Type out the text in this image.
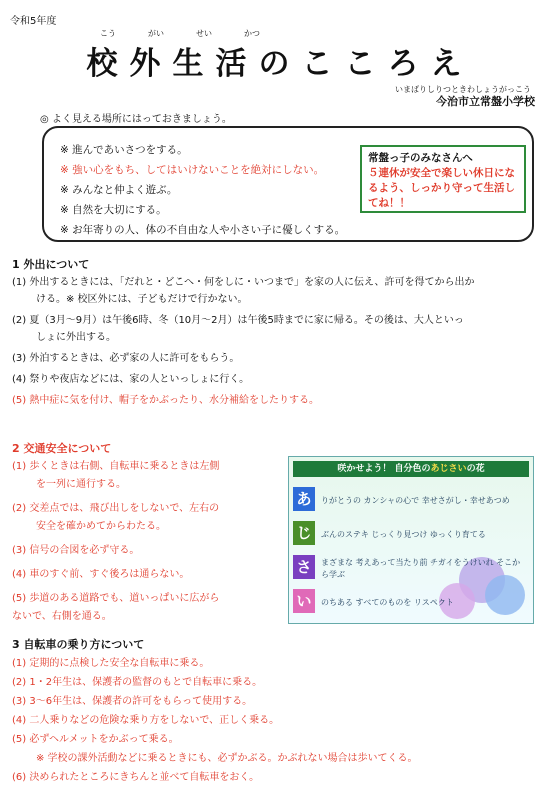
令和5年度
こう　　　　がい　　　　せい　　　　かつ
校外生活のこころえ
いまばりしりつときわしょうがっこう
今治市立常盤小学校
◎ よく見える場所にはっておきましょう。
※ 進んであいさつをする。
※ 強い心をもち、してはいけないことを絶対にしない。
※ みんなと仲よく遊ぶ。
※ 自然を大切にする。
※ お年寄りの人、体の不自由な人や小さい子に優しくする。
常盤っ子のみなさんへ
５連休が安全で楽しい休日になるよう、しっかり守って生活してね！！
1 外出について
(1) 外出するときには、「だれと・どこへ・何をしに・いつまで」を家の人に伝え、許可を得てから出か
ける。※ 校区外には、子どもだけで行かない。
(2) 夏（3月〜9月）は午後6時、冬（10月〜2月）は午後5時までに家に帰る。その後は、大人といっ
しょに外出する。
(3) 外泊するときは、必ず家の人に許可をもらう。
(4) 祭りや夜店などには、家の人といっしょに行く。
(5) 熱中症に気を付け、帽子をかぶったり、水分補給をしたりする。
2 交通安全について
(1) 歩くときは右側、自転車に乗るときは左側
を一列に通行する。
(2) 交差点では、飛び出しをしないで、左右の
安全を確かめてからわたる。
(3) 信号の合図を必ず守る。
(4) 車のすぐ前、すぐ後ろは通らない。
(5) 歩道のある道路でも、道いっぱいに広がら
ないで、右側を通る。
咲かせよう！ 自分色のあじさいの花
あ	りがとうの カンシャの心で 幸せさがし・幸せあつめ
じ	ぶんのステキ じっくり見つけ ゆっくり育てる
さ	まざまな 考えあって当たり前 チガイをうけいれ そこから学ぶ
い	のちある すべてのものを リスペクト
3 自転車の乗り方について
(1) 定期的に点検した安全な自転車に乗る。
(2) 1・2年生は、保護者の監督のもとで自転車に乗る。
(3) 3〜6年生は、保護者の許可をもらって使用する。
(4) 二人乗りなどの危険な乗り方をしないで、正しく乗る。
(5) 必ずヘルメットをかぶって乗る。
※ 学校の課外活動などに乗るときにも、必ずかぶる。かぶれない場合は歩いてくる。
(6) 決められたところにきちんと並べて自転車をおく。
